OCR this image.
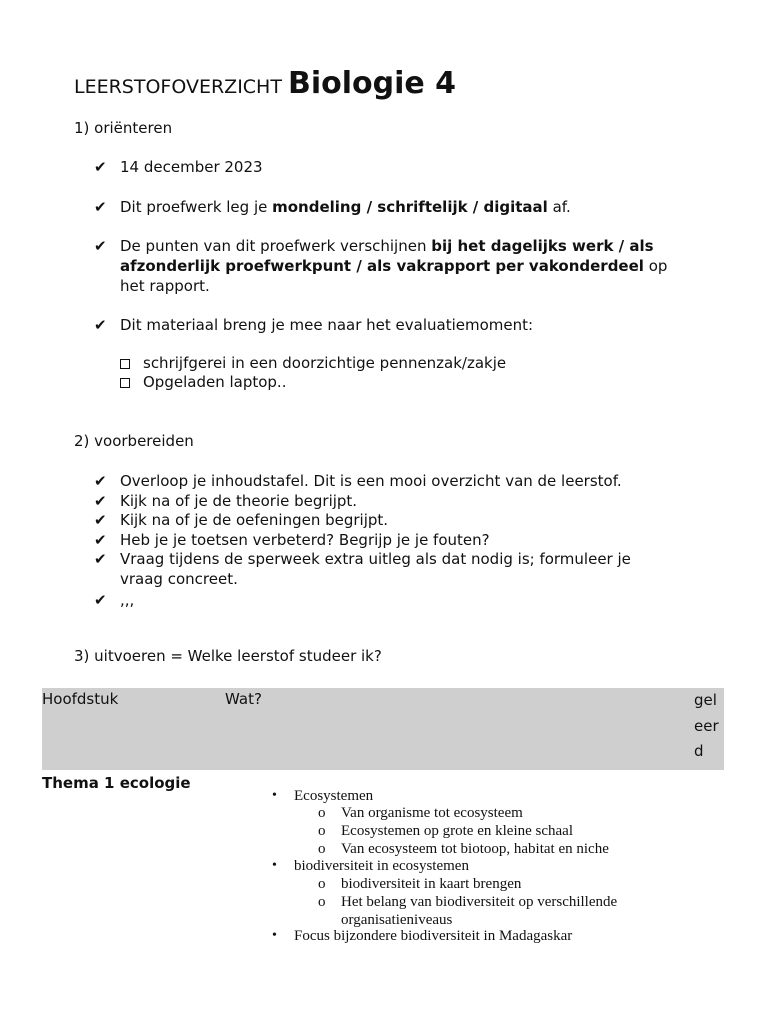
LEERSTOFOVERZICHT Biologie 4
1) oriënteren
✔ 14 december 2023
✔ Dit proefwerk leg je mondeling / schriftelijk / digitaal af.
✔ De punten van dit proefwerk verschijnen bij het dagelijks werk / als
afzonderlijk proefwerkpunt / als vakrapport per vakonderdeel op
het rapport.
✔ Dit materiaal breng je mee naar het evaluatiemoment:
schrijfgerei in een doorzichtige pennenzak/zakje
Opgeladen laptop..
2) voorbereiden
✔ Overloop je inhoudstafel. Dit is een mooi overzicht van de leerstof.
✔ Kijk na of je de theorie begrijpt.
✔ Kijk na of je de oefeningen begrijpt.
✔ Heb je je toetsen verbeterd? Begrijp je je fouten?
✔ Vraag tijdens de sperweek extra uitleg als dat nodig is; formuleer je
vraag concreet.
✔ ,,,
3) uitvoeren = Welke leerstof studeer ik?
Hoofdstuk	Wat?	gel
eer
d
Thema 1 ecologie
• Ecosystemen
o Van organisme tot ecosysteem
o Ecosystemen op grote en kleine schaal
o Van ecosysteem tot biotoop, habitat en niche
• biodiversiteit in ecosystemen
o biodiversiteit in kaart brengen
o Het belang van biodiversiteit op verschillende
organisatieniveaus
• Focus bijzondere biodiversiteit in Madagaskar
